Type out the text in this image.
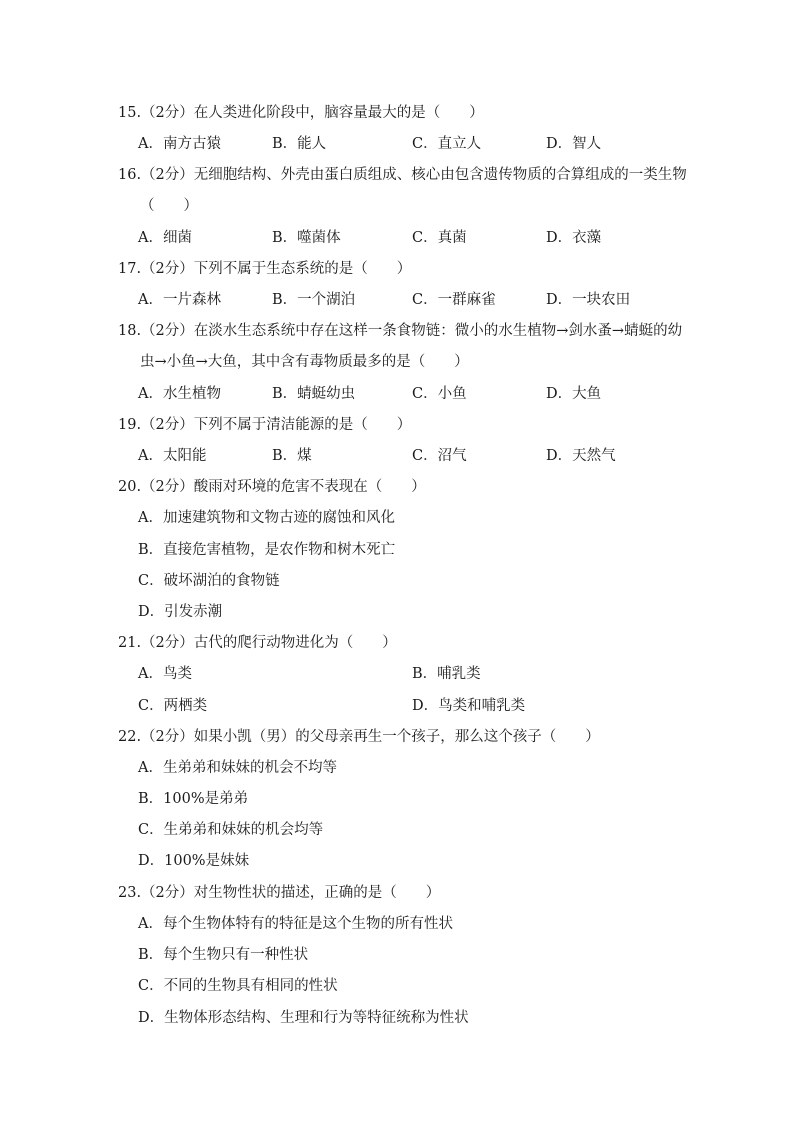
15.（2分）在人类进化阶段中，脑容量最大的是（　　）
A．南方古猿	B．能人	C．直立人	D．智人
16.（2分）无细胞结构、外壳由蛋白质组成、核心由包含遗传物质的合算组成的一类生物
（　　）
A．细菌	B．噬菌体	C．真菌	D．衣藻
17.（2分）下列不属于生态系统的是（　　）
A．一片森林	B．一个湖泊	C．一群麻雀	D．一块农田
18.（2分）在淡水生态系统中存在这样一条食物链：微小的水生植物→剑水蚤→蜻蜓的幼
虫→小鱼→大鱼，其中含有毒物质最多的是（　　）
A．水生植物	B．蜻蜓幼虫	C．小鱼	D．大鱼
19.（2分）下列不属于清洁能源的是（　　）
A．太阳能	B．煤	C．沼气	D．天然气
20.（2分）酸雨对环境的危害不表现在（　　）
A．加速建筑物和文物古迹的腐蚀和风化
B．直接危害植物，是农作物和树木死亡
C．破坏湖泊的食物链
D．引发赤潮
21.（2分）古代的爬行动物进化为（　　）
A．鸟类	B．哺乳类
C．两栖类	D．鸟类和哺乳类
22.（2分）如果小凯（男）的父母亲再生一个孩子，那么这个孩子（　　）
A．生弟弟和妹妹的机会不均等
B．100%是弟弟
C．生弟弟和妹妹的机会均等
D．100%是妹妹
23.（2分）对生物性状的描述，正确的是（　　）
A．每个生物体特有的特征是这个生物的所有性状
B．每个生物只有一种性状
C．不同的生物具有相同的性状
D．生物体形态结构、生理和行为等特征统称为性状
